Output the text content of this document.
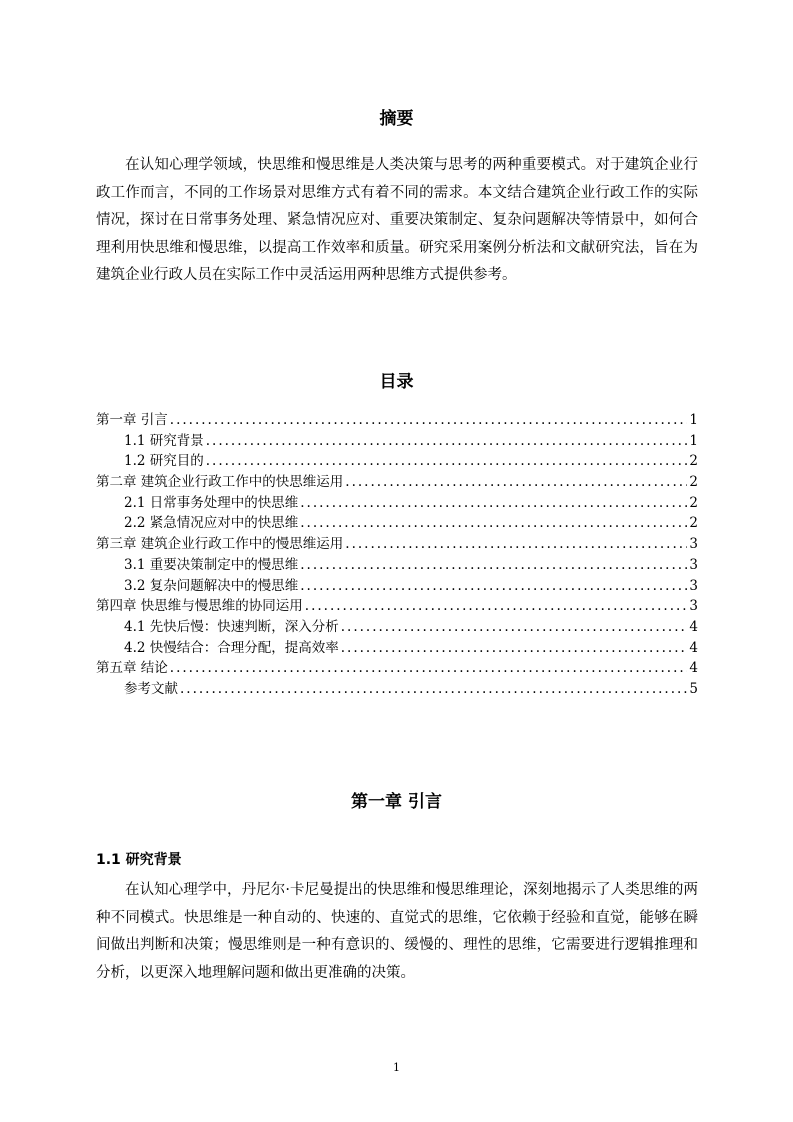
摘要

在认知心理学领域，快思维和慢思维是人类决策与思考的两种重要模式。对于建筑企业行政工作而言，不同的工作场景对思维方式有着不同的需求。本文结合建筑企业行政工作的实际情况，探讨在日常事务处理、紧急情况应对、重要决策制定、复杂问题解决等情景中，如何合理利用快思维和慢思维，以提高工作效率和质量。研究采用案例分析法和文献研究法，旨在为建筑企业行政人员在实际工作中灵活运用两种思维方式提供参考。

目录
第一章 引言 .....	1
1.1 研究背景 .....	1
1.2 研究目的 .....	2
第二章 建筑企业行政工作中的快思维运用 .....	2
2.1 日常事务处理中的快思维 .....	2
2.2 紧急情况应对中的快思维 .....	2
第三章 建筑企业行政工作中的慢思维运用 .....	3
3.1 重要决策制定中的慢思维 .....	3
3.2 复杂问题解决中的慢思维 .....	3
第四章 快思维与慢思维的协同运用 .....	3
4.1 先快后慢：快速判断，深入分析 .....	4
4.2 快慢结合：合理分配，提高效率 .....	4
第五章 结论 .....	4
参考文献 .....	5
第一章 引言
1.1 研究背景

在认知心理学中，丹尼尔·卡尼曼提出的快思维和慢思维理论，深刻地揭示了人类思维的两种不同模式。快思维是一种自动的、快速的、直觉式的思维，它依赖于经验和直觉，能够在瞬间做出判断和决策；慢思维则是一种有意识的、缓慢的、理性的思维，它需要进行逻辑推理和分析，以更深入地理解问题和做出更准确的决策。

1
